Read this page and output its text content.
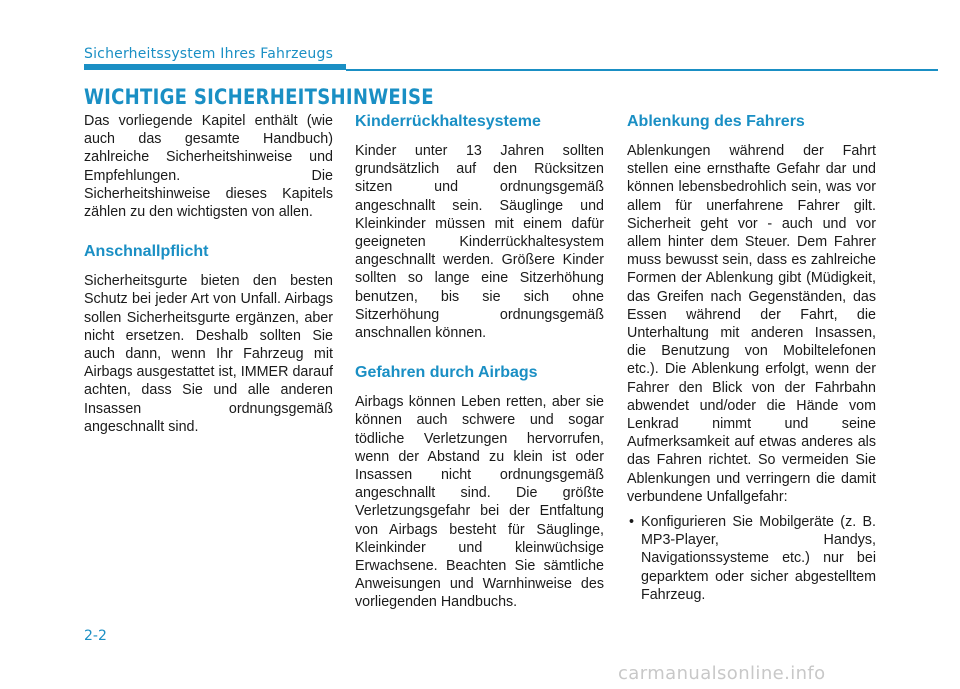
Sicherheitssystem Ihres Fahrzeugs
WICHTIGE SICHERHEITSHINWEISE

Das vorliegende Kapitel enthält (wie auch das gesamte Handbuch) zahlreiche Sicherheitshinweise und Empfehlungen. Die Sicherheitshinweise dieses Kapitels zählen zu den wichtigsten von allen.

Anschnallpflicht

Sicherheitsgurte bieten den besten Schutz bei jeder Art von Unfall. Airbags sollen Sicherheitsgurte ergänzen, aber nicht ersetzen. Deshalb sollten Sie auch dann, wenn Ihr Fahrzeug mit Airbags ausgestattet ist, IMMER darauf achten, dass Sie und alle anderen Insassen ordnungsgemäß angeschnallt sind.

Kinderrückhaltesysteme

Kinder unter 13 Jahren sollten grundsätzlich auf den Rücksitzen sitzen und ordnungsgemäß angeschnallt sein. Säuglinge und Kleinkinder müssen mit einem dafür geeigneten Kinderrückhaltesystem angeschnallt werden. Größere Kinder sollten so lange eine Sitzerhöhung benutzen, bis sie sich ohne Sitzerhöhung ordnungsgemäß anschnallen können.

Gefahren durch Airbags

Airbags können Leben retten, aber sie können auch schwere und sogar tödliche Verletzungen hervorrufen, wenn der Abstand zu klein ist oder Insassen nicht ordnungsgemäß angeschnallt sind. Die größte Verletzungsgefahr bei der Entfaltung von Airbags besteht für Säuglinge, Kleinkinder und kleinwüchsige Erwachsene. Beachten Sie sämtliche Anweisungen und Warnhinweise des vorliegenden Handbuchs.

Ablenkung des Fahrers

Ablenkungen während der Fahrt stellen eine ernsthafte Gefahr dar und können lebensbedrohlich sein, was vor allem für unerfahrene Fahrer gilt. Sicherheit geht vor - auch und vor allem hinter dem Steuer. Dem Fahrer muss bewusst sein, dass es zahlreiche Formen der Ablenkung gibt (Müdigkeit, das Greifen nach Gegenständen, das Essen während der Fahrt, die Unterhaltung mit anderen Insassen, die Benutzung von Mobiltelefonen etc.). Die Ablenkung erfolgt, wenn der Fahrer den Blick von der Fahrbahn abwendet und/oder die Hände vom Lenkrad nimmt und seine Aufmerksamkeit auf etwas anderes als das Fahren richtet. So vermeiden Sie Ablenkungen und verringern die damit verbundene Unfallgefahr:

• Konfigurieren Sie Mobilgeräte (z. B. MP3-Player, Handys, Navigationssysteme etc.) nur bei geparktem oder sicher abgestelltem Fahrzeug.
2-2
carmanualsonline.info
